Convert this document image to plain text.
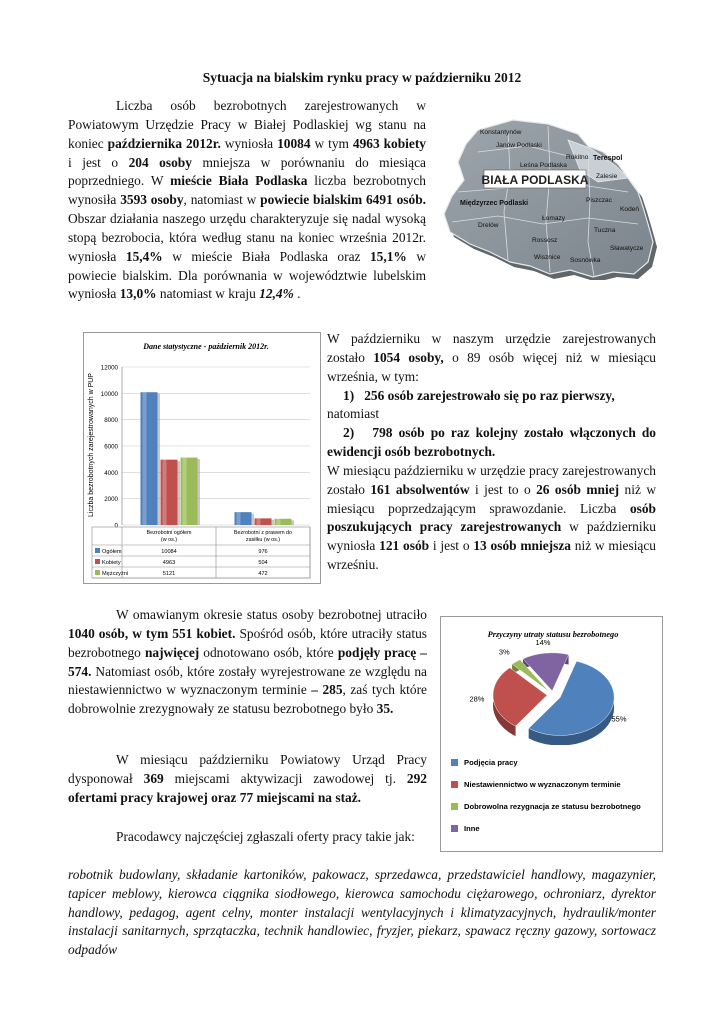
Sytuacja na bialskim rynku pracy w październiku 2012
Liczba osób bezrobotnych zarejestrowanych w Powiatowym Urzędzie Pracy w Białej Podlaskiej wg stanu na koniec października 2012r. wyniosła 10084 w tym 4963 kobiety i jest o 204 osoby mniejsza w porównaniu do miesiąca poprzedniego. W mieście Biała Podlaska liczba bezrobotnych wynosiła 3593 osoby, natomiast w powiecie bialskim 6491 osób. Obszar działania naszego urzędu charakteryzuje się nadal wysoką stopą bezrobocia, która według stanu na koniec września 2012r. wyniosła 15,4% w mieście Biała Podlaska oraz 15,1% w powiecie bialskim. Dla porównania w województwie lubelskim wyniosła 13,0% natomiast w kraju 12,4% .
BIAŁA PODLASKA
Konstantynów
Janów Podlaski
Rokitno
Leśna Podlaska
Terespol
Zalesie
Międzyrzec Podlaski	Piszczac
Kodeń
Łomazy
Drelów
Tuczna
Rossosz
Sławatycze
Wisznice Sosnówka
Dane statystyczne - październik 2012r.
Liczba bezrobotnych zarejestrowanych w PUP
0
2000
4000
6000
8000
10000
12000
Bezrobotni ogółem
(w os.)
Bezrobotni z prawem do
zasiłku (w os.)
Ogółem	10084	976
Kobiety	4963	504
Mężczyźni	5121	472
W październiku w naszym urzędzie zarejestrowanych zostało 1054 osoby, o 89 osób więcej niż w miesiącu września, w tym:
1) 256 osób zarejestrowało się po raz pierwszy,
natomiast
2) 798 osób po raz kolejny zostało włączonych do ewidencji osób bezrobotnych.
W miesiącu październiku w urzędzie pracy zarejestrowanych zostało 161 absolwentów i jest to o 26 osób mniej niż w miesiącu poprzedzającym sprawozdanie. Liczba osób poszukujących pracy zarejestrowanych w październiku wyniosła 121 osób i jest o 13 osób mniejsza niż w miesiącu wrześniu.
W omawianym okresie status osoby bezrobotnej utraciło 1040 osób, w tym 551 kobiet. Spośród osób, które utraciły status bezrobotnego najwięcej odnotowano osób, które podjęły pracę – 574. Natomiast osób, które zostały wyrejestrowane ze względu na niestawiennictwo w wyznaczonym terminie – 285, zaś tych które dobrowolnie zrezygnowały ze statusu bezrobotnego było 35.
W miesiącu październiku Powiatowy Urząd Pracy dysponował 369 miejscami aktywizacji zawodowej tj. 292 ofertami pracy krajowej oraz 77 miejscami na staż.
Przyczyny utraty statusu bezrobotnego
55%
28%
3%
14%
Podjęcia pracy
Niestawiennictwo w wyznaczonym terminie
Dobrowolna rezygnacja ze statusu bezrobotnego
Inne
Pracodawcy najczęściej zgłaszali oferty pracy takie jak:
robotnik budowlany, składanie kartoników, pakowacz, sprzedawca, przedstawiciel handlowy, magazynier, tapicer meblowy, kierowca ciągnika siodłowego, kierowca samochodu ciężarowego, ochroniarz, dyrektor handlowy, pedagog, agent celny, monter instalacji wentylacyjnych i klimatyzacyjnych, hydraulik/monter instalacji sanitarnych, sprzątaczka, technik handlowiec, fryzjer, piekarz, spawacz ręczny gazowy, sortowacz odpadów
